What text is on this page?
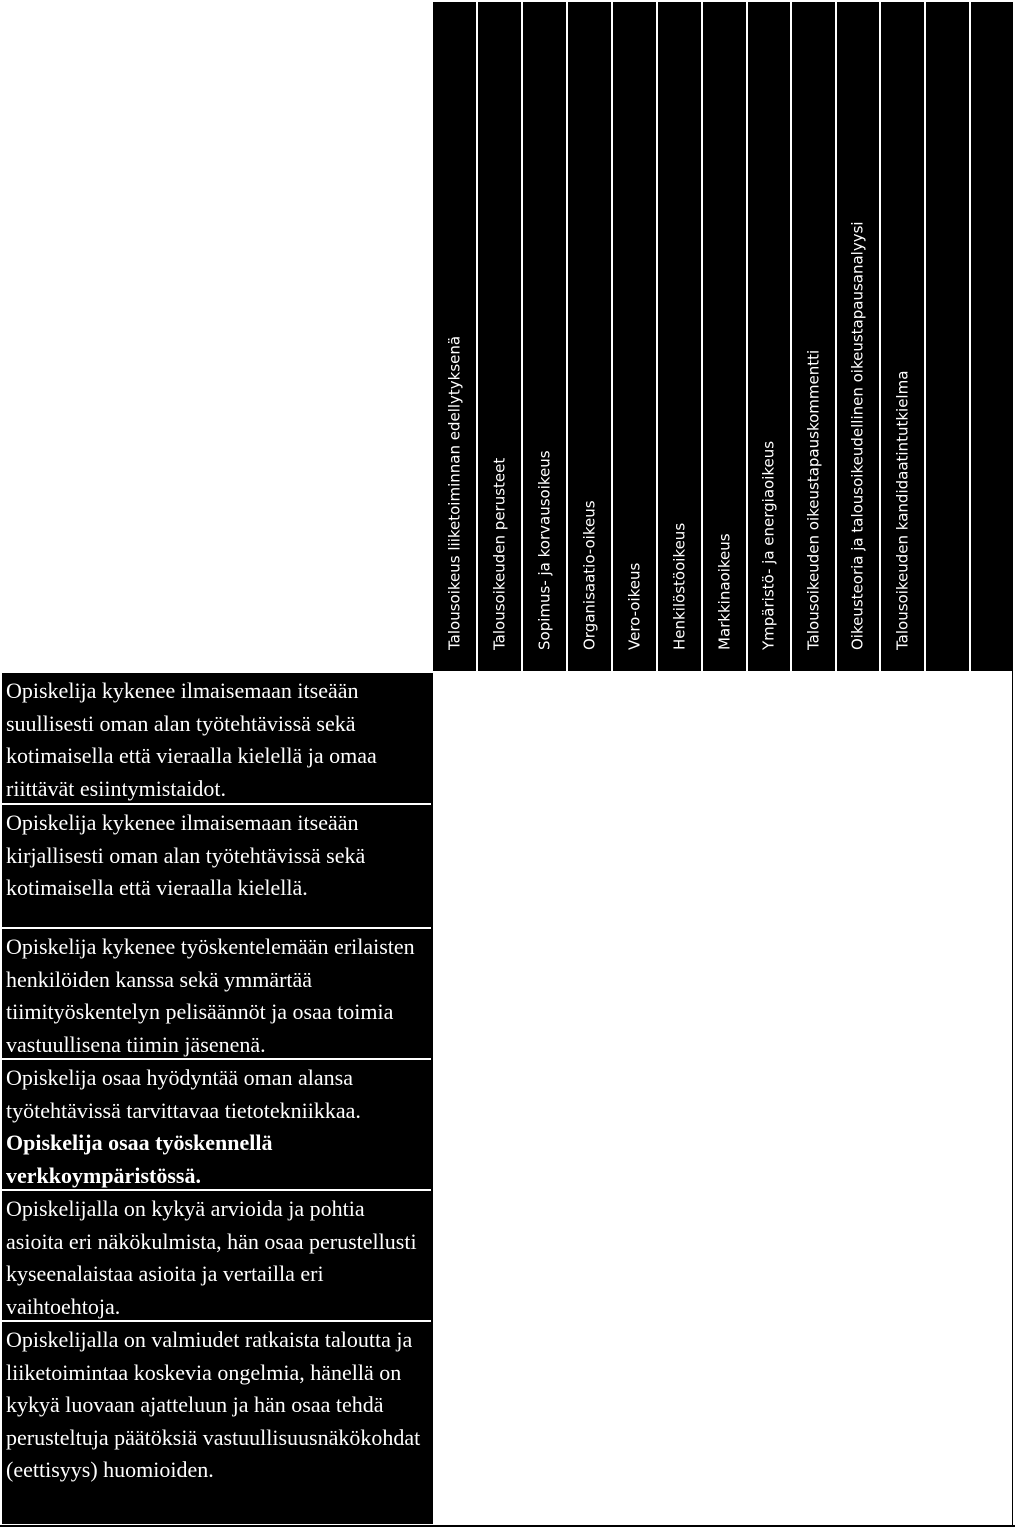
Talousoikeus liiketoiminnan edellytyksenä Talousoikeuden perusteet Sopimus- ja korvausoikeus Organisaatio-oikeus Vero-oikeus Henkilöstöoikeus Markkinaoikeus Ympäristö- ja energiaoikeus Talousoikeuden oikeustapauskommentti Oikeusteoria ja talousoikeudellinen oikeustapausanalyysi Talousoikeuden kandidaatintutkielma
Opiskelija kykenee ilmaisemaan itseään suullisesti oman alan työtehtävissä sekä kotimaisella että vieraalla kielellä ja omaa riittävät esiintymistaidot.
Opiskelija kykenee ilmaisemaan itseään kirjallisesti oman alan työtehtävissä sekä kotimaisella että vieraalla kielellä.
Opiskelija kykenee työskentelemään erilaisten henkilöiden kanssa sekä ymmärtää tiimityöskentelyn pelisäännöt ja osaa toimia vastuullisena tiimin jäsenenä.
Opiskelija osaa hyödyntää oman alansa työtehtävissä tarvittavaa tietotekniikkaa. Opiskelija osaa työskennellä verkkoympäristössä.
Opiskelijalla on kykyä arvioida ja pohtia asioita eri näkökulmista, hän osaa perustellusti kyseenalaistaa asioita ja vertailla eri vaihtoehtoja.
Opiskelijalla on valmiudet ratkaista taloutta ja liiketoimintaa koskevia ongelmia, hänellä on kykyä luovaan ajatteluun ja hän osaa tehdä perusteltuja päätöksiä vastuullisuusnäkökohdat (eettisyys) huomioiden.
